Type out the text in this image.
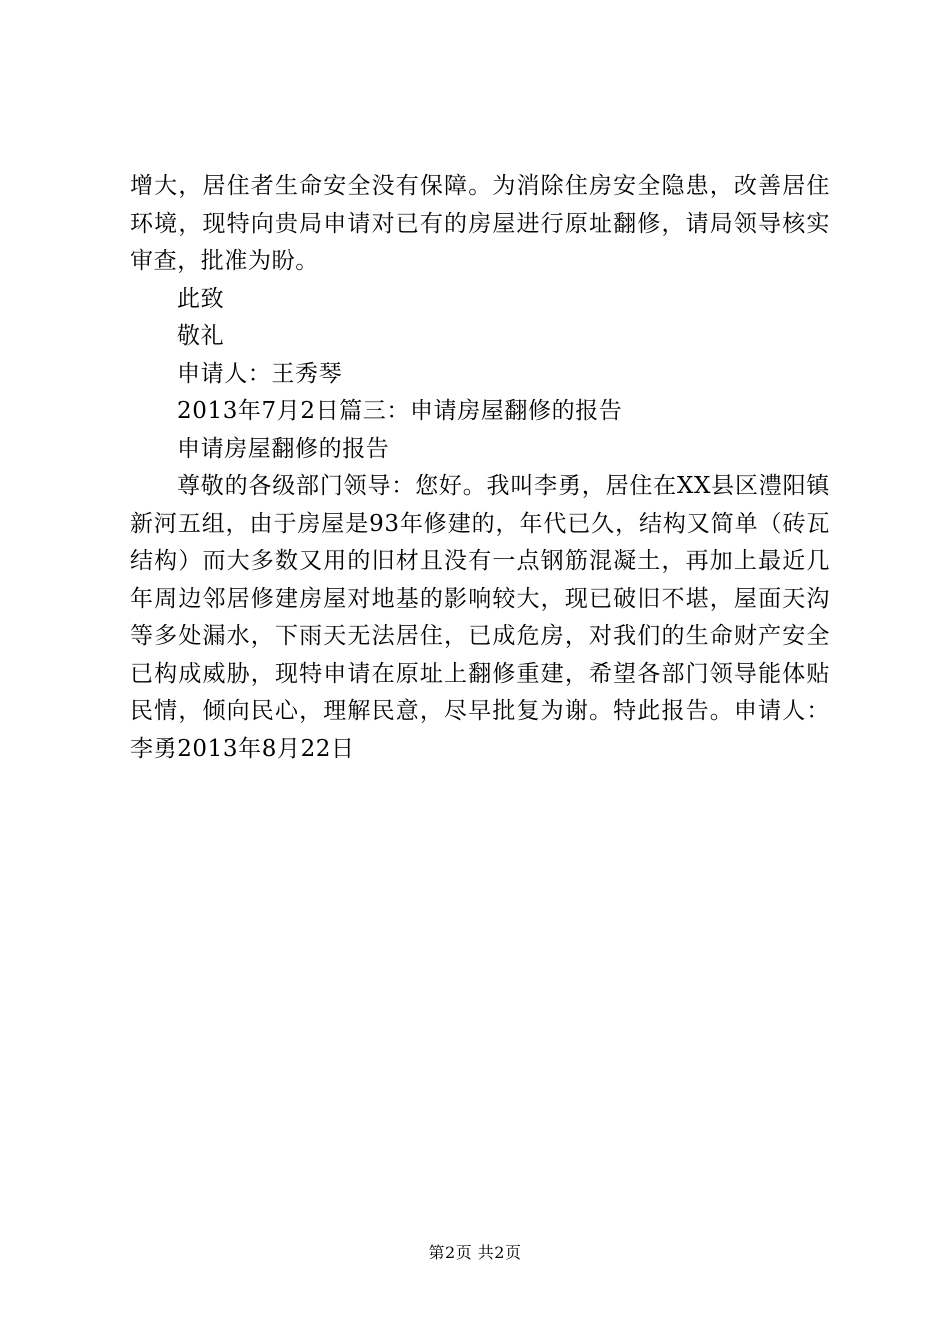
增大，居住者生命安全没有保障。为消除住房安全隐患，改善居住环境，现特向贵局申请对已有的房屋进行原址翻修，请局领导核实审查，批准为盼。

此致

敬礼

申请人：王秀琴

2013年7月2日篇三：申请房屋翻修的报告

申请房屋翻修的报告

尊敬的各级部门领导：您好。我叫李勇，居住在XX县区澧阳镇新河五组，由于房屋是93年修建的，年代已久，结构又简单（砖瓦结构）而大多数又用的旧材且没有一点钢筋混凝土，再加上最近几年周边邻居修建房屋对地基的影响较大，现已破旧不堪，屋面天沟等多处漏水，下雨天无法居住，已成危房，对我们的生命财产安全已构成威胁，现特申请在原址上翻修重建，希望各部门领导能体贴民情，倾向民心，理解民意，尽早批复为谢。特此报告。申请人：李勇2013年8月22日

第2页 共2页
